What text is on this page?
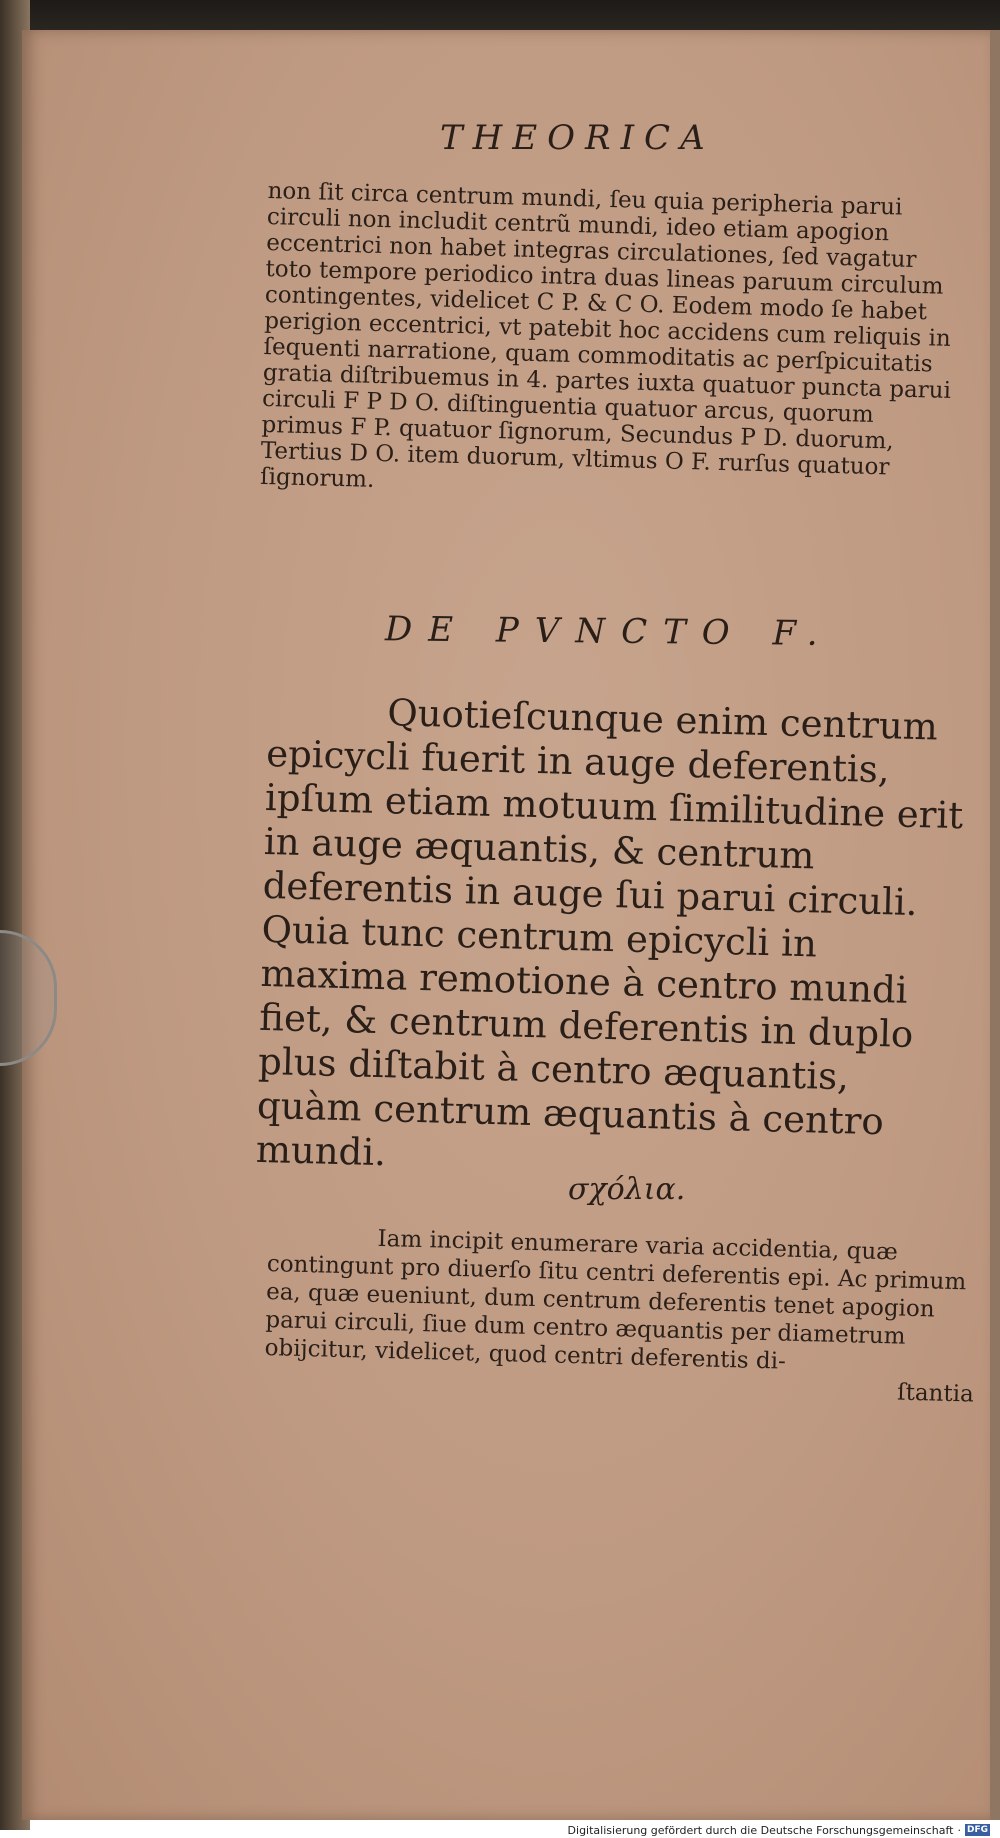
THEORICA
non ſit circa centrum mundi, ſeu quia peripheria parui circuli non includit centrũ mundi, ideo etiam apogion eccentrici non habet integras circulationes, ſed vagatur toto tempore periodico intra duas lineas paruum circulum contingentes, videlicet C P. & C O. Eodem modo ſe habet perigion eccentrici, vt patebit hoc accidens cum reliquis in ſequenti narratione, quam commoditatis ac perſpicuitatis gratia diſtribuemus in 4. partes iuxta quatuor puncta parui circuli F P D O. diſtinguentia quatuor arcus, quorum primus F P. quatuor ſignorum, Secundus P D. duorum, Tertius D O. item duorum, vltimus O F. rurſus quatuor ſignorum.
DE PVNCTO F.
Quotieſcunque enim centrum epicycli fuerit in auge deferentis, ipſum etiam motuum ſimilitudine erit in auge æquantis, & centrum deferentis in auge ſui parui circuli. Quia tunc centrum epicycli in maxima remotione à centro mundi fiet, & centrum deferentis in duplo plus diſtabit à centro æquantis, quàm centrum æquantis à centro mundi.
σχόλια.
Iam incipit enumerare varia accidentia, quæ contingunt pro diuerſo ſitu centri deferentis epi. Ac primum ea, quæ eueniunt, dum centrum deferentis tenet apogion parui circuli, ſiue dum centro æquantis per diametrum obijcitur, videlicet, quod centri deferentis di-
ſtantia
Digitalisierung gefördert durch die Deutsche Forschungsgemeinschaft · DFG
